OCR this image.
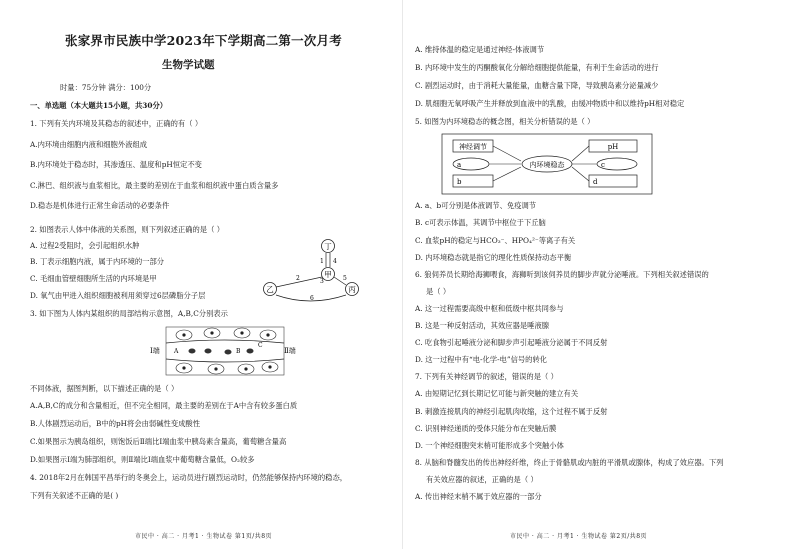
张家界市民族中学2023年下学期高二第一次月考
生物学试题
时量：75分钟 满分：100分
一、单选题（本大题共15小题，共30分）
1. 下列有关内环境及其稳态的叙述中，正确的有（ ）
A.内环境由细胞内液和细胞外液组成
B.内环境处于稳态时，其渗透压、温度和pH恒定不变
C.淋巴、组织液与血浆相比，最主要的差别在于血浆和组织液中蛋白质含量多
D.稳态是机体进行正常生命活动的必要条件
2. 如图表示人体中体液的关系图，则下列叙述正确的是（ ）
A. 过程2受阻时，会引起组织水肿
B. 丁表示细胞内液，属于内环境的一部分
C. 毛细血管壁细胞所生活的内环境是甲
D. 氧气由甲进入组织细胞被利用须穿过6层磷脂分子层
丁
甲
乙	丙
1
2	3
4
5
6
3. 如下图为人体内某组织的局部结构示意图，A,B,C分别表示
Ⅰ端	Ⅱ端
A	B
C
不同体液，据图判断，以下描述正确的是（ ）
A.A,B,C的成分和含量相近，但不完全相同，最主要的差别在于A中含有较多蛋白质
B.人体剧烈运动后，B中的pH将会由弱碱性变成酸性
C.如果图示为胰岛组织，则饱饭后Ⅱ端比Ⅰ端血浆中胰岛素含量高，葡萄糖含量高
D.如果图示Ⅰ端为肺部组织，则Ⅱ端比Ⅰ端血浆中葡萄糖含量低，O₂较多
4. 2018年2月在韩国平昌举行的冬奥会上，运动员进行剧烈运动时，仍然能够保持内环境的稳态，
下列有关叙述不正确的是( )
市民中 · 高二 · 月考1 · 生物试卷 第1页/共8页
A. 维持体温的稳定是通过神经-体液调节
B. 内环境中发生的丙酮酸氧化分解给细胞提供能量，有利于生命活动的进行
C. 剧烈运动时，由于消耗大量能量，血糖含量下降，导致胰岛素分泌量减少
D. 肌细胞无氧呼吸产生并释放到血液中的乳酸，由缓冲物质中和以维持pH相对稳定
5. 如图为内环境稳态的概念图，相关分析错误的是（ ）
神经调节
a
b
内环境稳态
pH
c
d
A. a、b可分别是体液调节、免疫调节
B. c可表示体温，其调节中枢位于下丘脑
C. 血浆pH的稳定与HCO₃⁻、HPO₄²⁻等离子有关
D. 内环境稳态就是指它的理化性质保持动态平衡
6. 狼伺养员长期给海狮喂食，海狮听到该伺养员的脚步声就分泌唾液。下列相关叙述错误的
是（ ）
A. 这一过程需要高级中枢和低级中枢共同参与
B. 这是一种反射活动，其效应器是唾液腺
C. 吃食物引起唾液分泌和脚步声引起唾液分泌属于不同反射
D. 这一过程中有“电-化学-电”信号的转化
7. 下列有关神经调节的叙述，错误的是（ ）
A. 由短期记忆到长期记忆可能与新突触的建立有关
B. 刺激连接肌肉的神经引起肌肉收缩，这个过程不属于反射
C. 识别神经递质的受体只能分布在突触后膜
D. 一个神经细胞突末梢可能形成多个突触小体
8. 从脑和脊髓发出的传出神经纤维，终止于骨骼肌或内脏的平滑肌或腺体，构成了效应器。下列
有关效应器的叙述，正确的是（ ）
A. 传出神经末梢不属于效应器的一部分
市民中 · 高二 · 月考1 · 生物试卷 第2页/共8页
